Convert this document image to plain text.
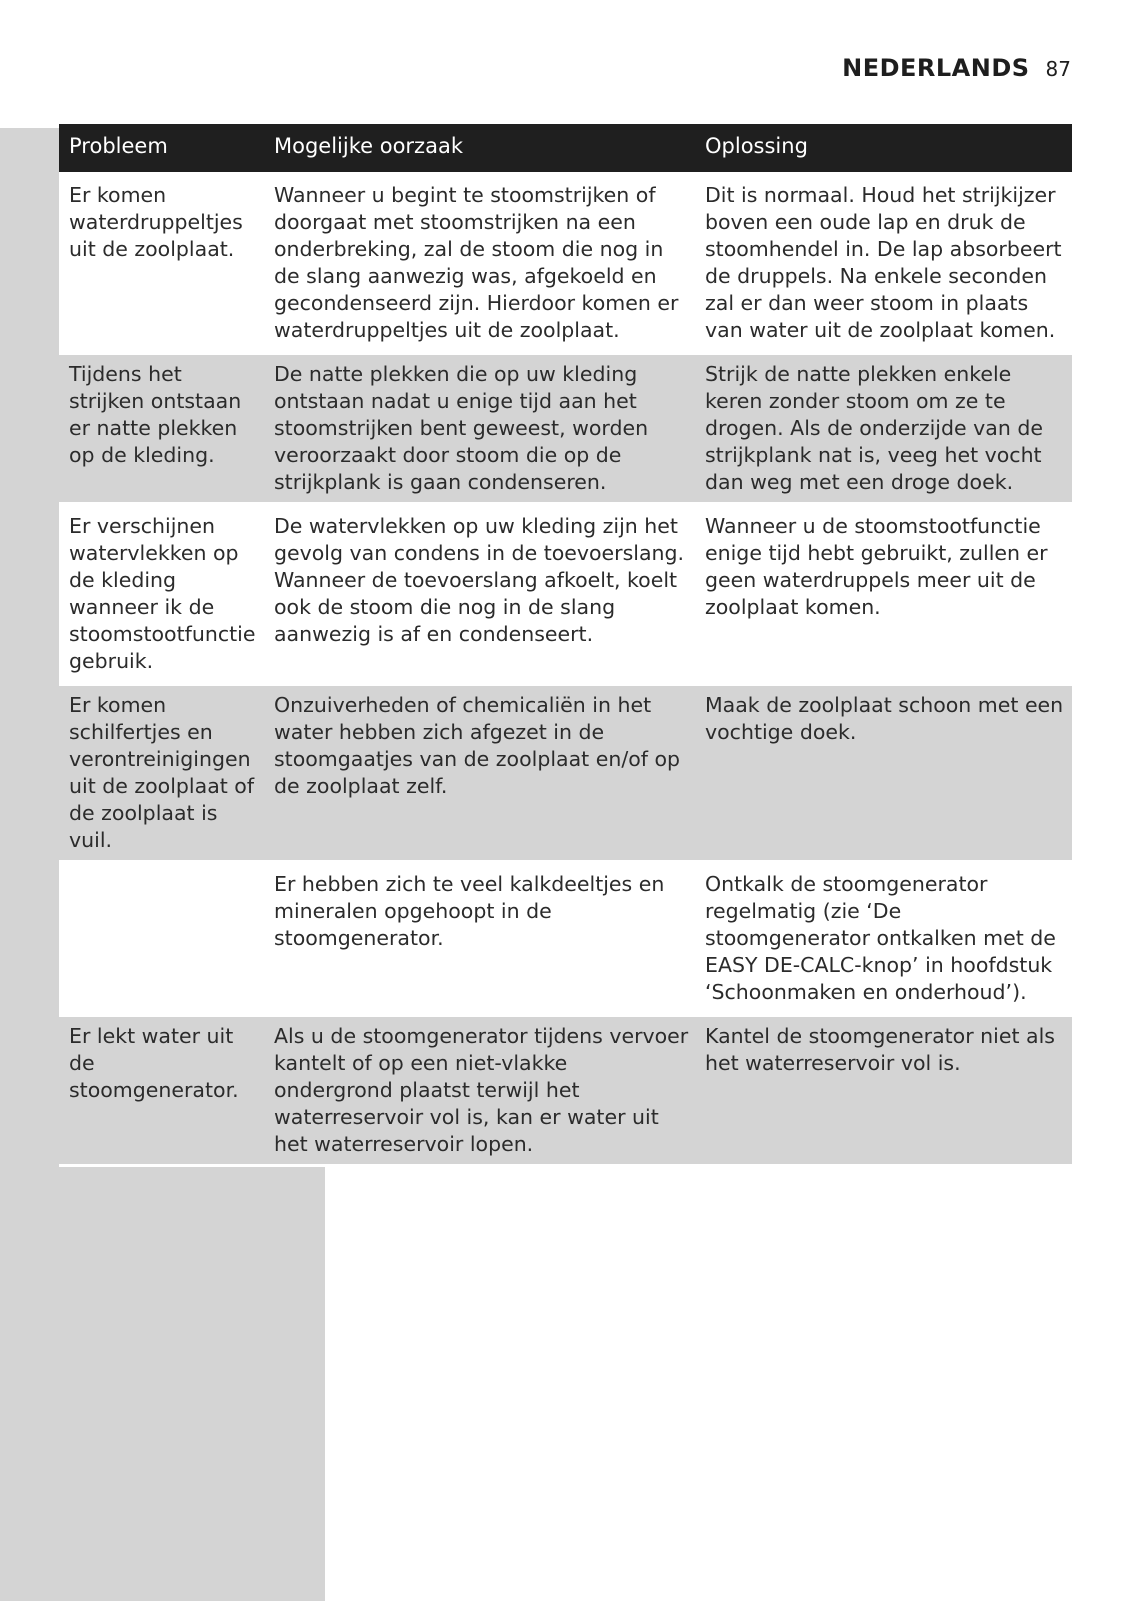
NEDERLANDS 87
Probleem	Mogelijke oorzaak	Oplossing
Er komen waterdruppeltjes uit de zoolplaat.	Wanneer u begint te stoomstrijken of doorgaat met stoomstrijken na een onderbreking, zal de stoom die nog in de slang aanwezig was, afgekoeld en gecondenseerd zijn. Hierdoor komen er waterdruppeltjes uit de zoolplaat.	Dit is normaal. Houd het strijkijzer boven een oude lap en druk de stoomhendel in. De lap absorbeert de druppels. Na enkele seconden zal er dan weer stoom in plaats van water uit de zoolplaat komen.
Tijdens het strijken ontstaan er natte plekken op de kleding.	De natte plekken die op uw kleding ontstaan nadat u enige tijd aan het stoomstrijken bent geweest, worden veroorzaakt door stoom die op de strijkplank is gaan condenseren.	Strijk de natte plekken enkele keren zonder stoom om ze te drogen. Als de onderzijde van de strijkplank nat is, veeg het vocht dan weg met een droge doek.
Er verschijnen watervlekken op de kleding wanneer ik de stoomstootfunctie gebruik.	De watervlekken op uw kleding zijn het gevolg van condens in de toevoerslang. Wanneer de toevoerslang afkoelt, koelt ook de stoom die nog in de slang aanwezig is af en condenseert.	Wanneer u de stoomstootfunctie enige tijd hebt gebruikt, zullen er geen waterdruppels meer uit de zoolplaat komen.
Er komen schilfertjes en verontreinigingen uit de zoolplaat of de zoolplaat is vuil.	Onzuiverheden of chemicaliën in het water hebben zich afgezet in de stoomgaatjes van de zoolplaat en/of op de zoolplaat zelf.	Maak de zoolplaat schoon met een vochtige doek.
	Er hebben zich te veel kalkdeeltjes en mineralen opgehoopt in de stoomgenerator.	Ontkalk de stoomgenerator regelmatig (zie ‘De stoomgenerator ontkalken met de EASY DE-CALC-knop’ in hoofdstuk ‘Schoonmaken en onderhoud’).
Er lekt water uit de stoomgenerator.	Als u de stoomgenerator tijdens vervoer kantelt of op een niet-vlakke ondergrond plaatst terwijl het waterreservoir vol is, kan er water uit het waterreservoir lopen.	Kantel de stoomgenerator niet als het waterreservoir vol is.
